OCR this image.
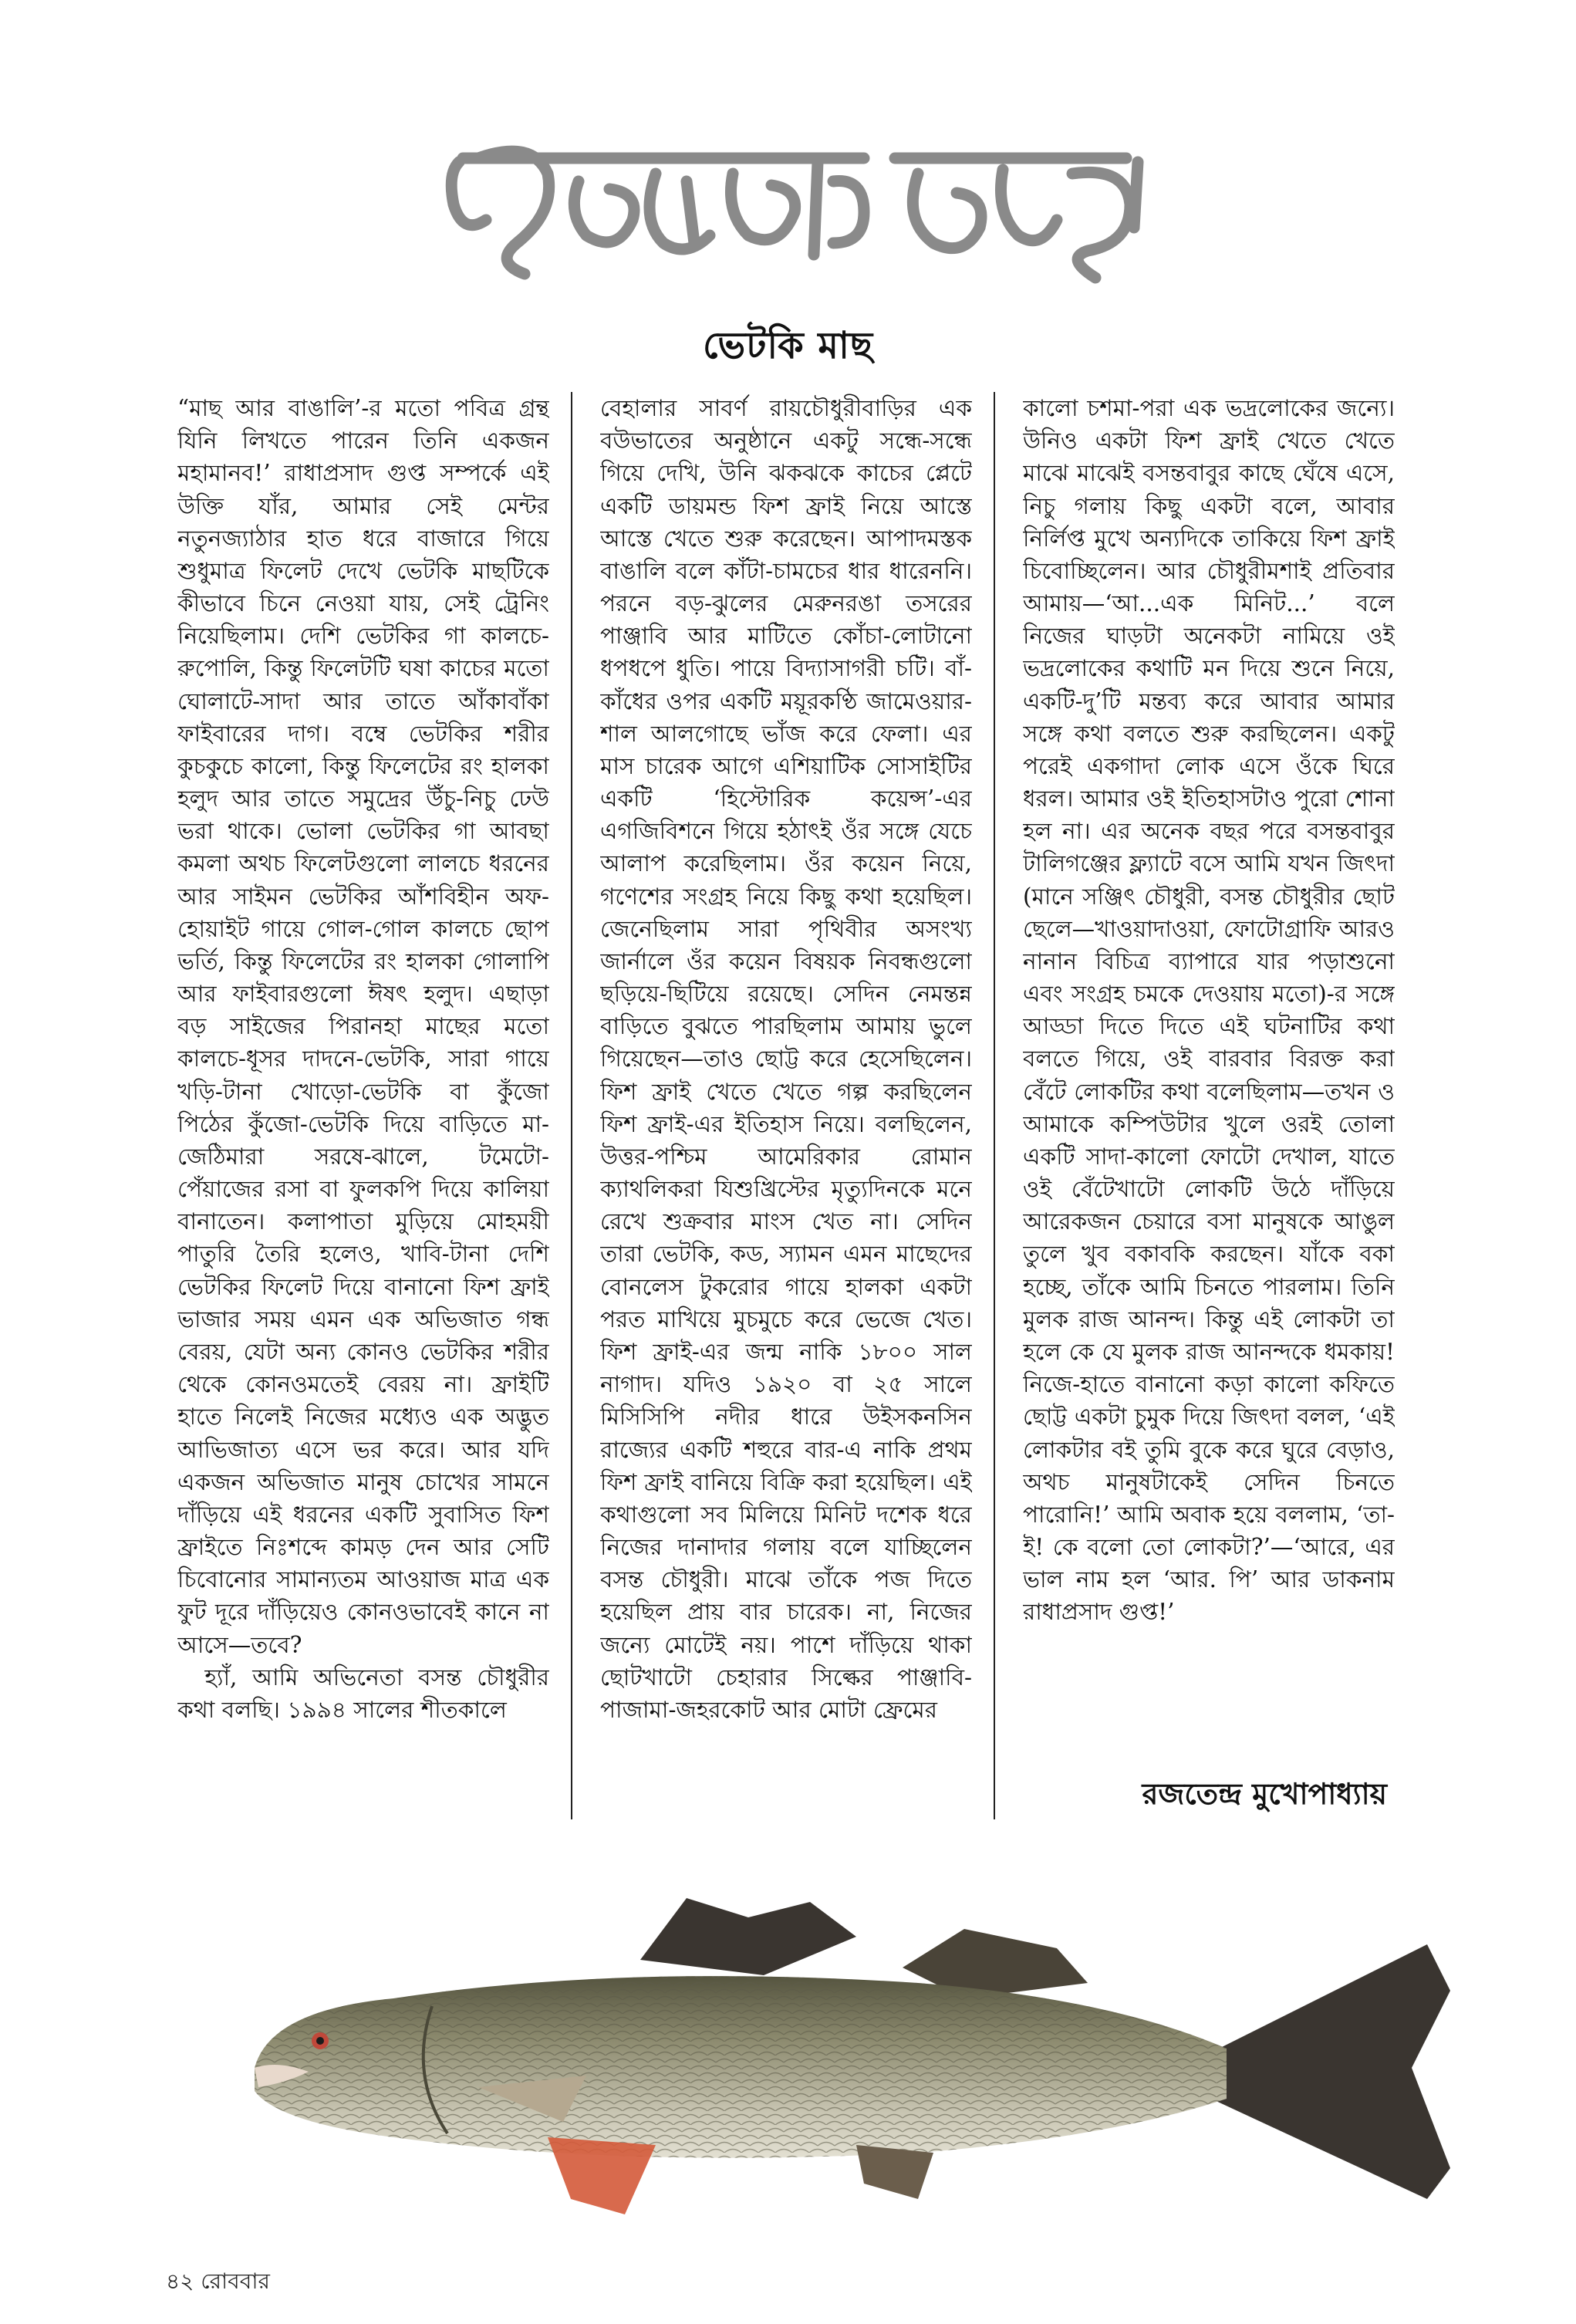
ভেটকি মাছ

“মাছ আর বাঙালি’-র মতো পবিত্র গ্রন্থ যিনি লিখতে পারেন তিনি একজন মহামানব!’ রাধাপ্রসাদ গুপ্ত সম্পর্কে এই উক্তি যাঁর, আমার সেই মেন্টর নতুনজ্যাঠার হাত ধরে বাজারে গিয়ে শুধুমাত্র ফিলেট দেখে ভেটকি মাছটিকে কীভাবে চিনে নেওয়া যায়, সেই ট্রেনিং নিয়েছিলাম। দেশি ভেটকির গা কালচে-রুপোলি, কিন্তু ফিলেটটি ঘষা কাচের মতো ঘোলাটে-সাদা আর তাতে আঁকাবাঁকা ফাইবারের দাগ। বম্বে ভেটকির শরীর কুচকুচে কালো, কিন্তু ফিলেটের রং হালকা হলুদ আর তাতে সমুদ্রের উঁচু-নিচু ঢেউ ভরা থাকে। ভোলা ভেটকির গা আবছা কমলা অথচ ফিলেটগুলো লালচে ধরনের আর সাইমন ভেটকির আঁশবিহীন অফ-হোয়াইট গায়ে গোল-গোল কালচে ছোপ ভর্তি, কিন্তু ফিলেটের রং হালকা গোলাপি আর ফাইবারগুলো ঈষৎ হলুদ। এছাড়া বড় সাইজের পিরানহা মাছের মতো কালচে-ধূসর দাদনে-ভেটকি, সারা গায়ে খড়ি-টানা খোড়ো-ভেটকি বা কুঁজো পিঠের কুঁজো-ভেটকি দিয়ে বাড়িতে মা-জেঠিমারা সরষে-ঝালে, টমেটো-পেঁয়াজের রসা বা ফুলকপি দিয়ে কালিয়া বানাতেন। কলাপাতা মুড়িয়ে মোহময়ী পাতুরি তৈরি হলেও, খাবি-টানা দেশি ভেটকির ফিলেট দিয়ে বানানো ফিশ ফ্রাই ভাজার সময় এমন এক অভিজাত গন্ধ বেরয়, যেটা অন্য কোনও ভেটকির শরীর থেকে কোনওমতেই বেরয় না। ফ্রাইটি হাতে নিলেই নিজের মধ্যেও এক অদ্ভুত আভিজাত্য এসে ভর করে। আর যদি একজন অভিজাত মানুষ চোখের সামনে দাঁড়িয়ে এই ধরনের একটি সুবাসিত ফিশ ফ্রাইতে নিঃশব্দে কামড় দেন আর সেটি চিবোনোর সামান্যতম আওয়াজ মাত্র এক ফুট দূরে দাঁড়িয়েও কোনওভাবেই কানে না আসে—তবে?

হ্যাঁ, আমি অভিনেতা বসন্ত চৌধুরীর কথা বলছি। ১৯৯৪ সালের শীতকালে

বেহালার সাবর্ণ রায়চৌধুরীবাড়ির এক বউভাতের অনুষ্ঠানে একটু সন্ধে-সন্ধে গিয়ে দেখি, উনি ঝকঝকে কাচের প্লেটে একটি ডায়মন্ড ফিশ ফ্রাই নিয়ে আস্তে আস্তে খেতে শুরু করেছেন। আপাদমস্তক বাঙালি বলে কাঁটা-চামচের ধার ধারেননি। পরনে বড়-ঝুলের মেরুনরঙা তসরের পাঞ্জাবি আর মাটিতে কোঁচা-লোটানো ধপধপে ধুতি। পায়ে বিদ্যাসাগরী চটি। বাঁ-কাঁধের ওপর একটি ময়ূরকণ্ঠি জামেওয়ার-শাল আলগোছে ভাঁজ করে ফেলা। এর মাস চারেক আগে এশিয়াটিক সোসাইটির একটি ‘হিস্টোরিক কয়েন্স’-এর এগজিবিশনে গিয়ে হঠাৎই ওঁর সঙ্গে যেচে আলাপ করেছিলাম। ওঁর কয়েন নিয়ে, গণেশের সংগ্রহ নিয়ে কিছু কথা হয়েছিল। জেনেছিলাম সারা পৃথিবীর অসংখ্য জার্নালে ওঁর কয়েন বিষয়ক নিবন্ধগুলো ছড়িয়ে-ছিটিয়ে রয়েছে। সেদিন নেমন্তন্ন বাড়িতে বুঝতে পারছিলাম আমায় ভুলে গিয়েছেন—তাও ছোট্ট করে হেসেছিলেন। ফিশ ফ্রাই খেতে খেতে গল্প করছিলেন ফিশ ফ্রাই-এর ইতিহাস নিয়ে। বলছিলেন, উত্তর-পশ্চিম আমেরিকার রোমান ক্যাথলিকরা যিশুখ্রিস্টের মৃত্যুদিনকে মনে রেখে শুক্রবার মাংস খেত না। সেদিন তারা ভেটকি, কড, স্যামন এমন মাছেদের বোনলেস টুকরোর গায়ে হালকা একটা পরত মাখিয়ে মুচমুচে করে ভেজে খেত। ফিশ ফ্রাই-এর জন্ম নাকি ১৮০০ সাল নাগাদ। যদিও ১৯২০ বা ২৫ সালে মিসিসিপি নদীর ধারে উইসকনসিন রাজ্যের একটি শহুরে বার-এ নাকি প্রথম ফিশ ফ্রাই বানিয়ে বিক্রি করা হয়েছিল। এই কথাগুলো সব মিলিয়ে মিনিট দশেক ধরে নিজের দানাদার গলায় বলে যাচ্ছিলেন বসন্ত চৌধুরী। মাঝে তাঁকে পজ দিতে হয়েছিল প্রায় বার চারেক। না, নিজের জন্যে মোটেই নয়। পাশে দাঁড়িয়ে থাকা ছোটখাটো চেহারার সিল্কের পাঞ্জাবি-পাজামা-জহরকোট আর মোটা ফ্রেমের

কালো চশমা-পরা এক ভদ্রলোকের জন্যে। উনিও একটা ফিশ ফ্রাই খেতে খেতে মাঝে মাঝেই বসন্তবাবুর কাছে ঘেঁষে এসে, নিচু গলায় কিছু একটা বলে, আবার নির্লিপ্ত মুখে অন্যদিকে তাকিয়ে ফিশ ফ্রাই চিবোচ্ছিলেন। আর চৌধুরীমশাই প্রতিবার আমায়—‘আ...এক মিনিট...’ বলে নিজের ঘাড়টা অনেকটা নামিয়ে ওই ভদ্রলোকের কথাটি মন দিয়ে শুনে নিয়ে, একটি-দু’টি মন্তব্য করে আবার আমার সঙ্গে কথা বলতে শুরু করছিলেন। একটু পরেই একগাদা লোক এসে ওঁকে ঘিরে ধরল। আমার ওই ইতিহাসটাও পুরো শোনা হল না। এর অনেক বছর পরে বসন্তবাবুর টালিগঞ্জের ফ্ল্যাটে বসে আমি যখন জিৎদা (মানে সঞ্জিৎ চৌধুরী, বসন্ত চৌধুরীর ছোট ছেলে—খাওয়াদাওয়া, ফোটোগ্রাফি আরও নানান বিচিত্র ব্যাপারে যার পড়াশুনো এবং সংগ্রহ চমকে দেওয়ায় মতো)-র সঙ্গে আড্ডা দিতে দিতে এই ঘটনাটির কথা বলতে গিয়ে, ওই বারবার বিরক্ত করা বেঁটে লোকটির কথা বলেছিলাম—তখন ও আমাকে কম্পিউটার খুলে ওরই তোলা একটি সাদা-কালো ফোটো দেখাল, যাতে ওই বেঁটেখাটো লোকটি উঠে দাঁড়িয়ে আরেকজন চেয়ারে বসা মানুষকে আঙুল তুলে খুব বকাবকি করছেন। যাঁকে বকা হচ্ছে, তাঁকে আমি চিনতে পারলাম। তিনি মুলক রাজ আনন্দ। কিন্তু এই লোকটা তা হলে কে যে মুলক রাজ আনন্দকে ধমকায়! নিজে-হাতে বানানো কড়া কালো কফিতে ছোট্ট একটা চুমুক দিয়ে জিৎদা বলল, ‘এই লোকটার বই তুমি বুকে করে ঘুরে বেড়াও, অথচ মানুষটাকেই সেদিন চিনতে পারোনি!’ আমি অবাক হয়ে বললাম, ‘তা-ই! কে বলো তো লোকটা?’—‘আরে, এর ভাল নাম হল ‘আর. পি’ আর ডাকনাম রাধাপ্রসাদ গুপ্ত!’

রজতেন্দ্র মুখোপাধ্যায়
৪২ রোববার
